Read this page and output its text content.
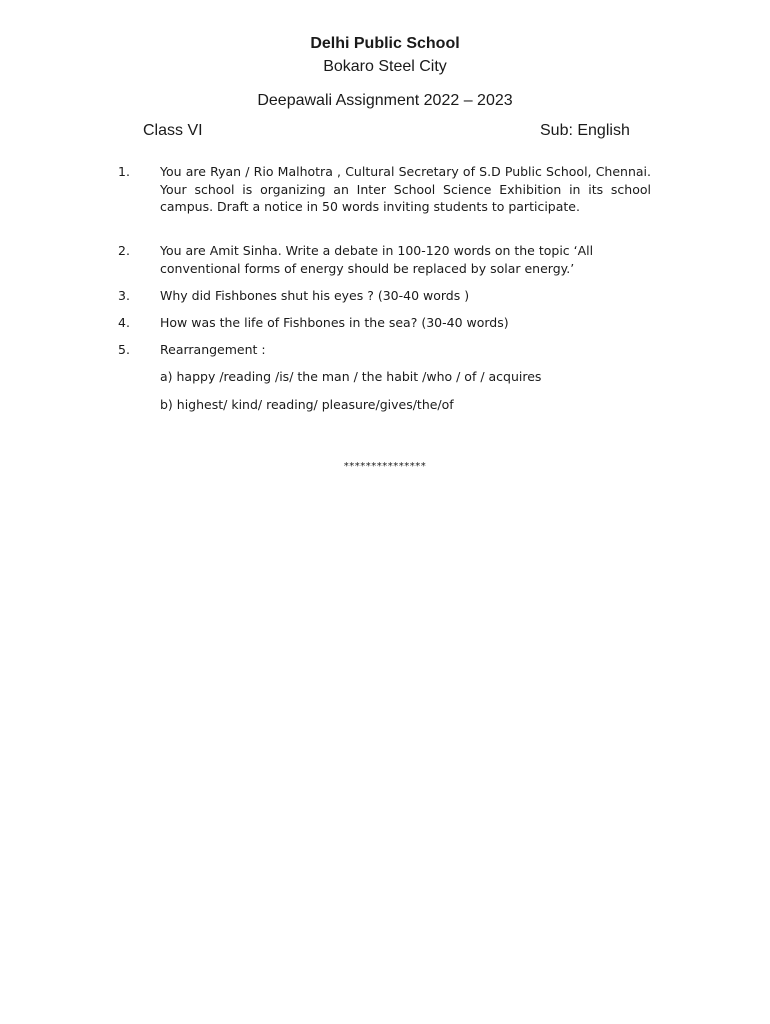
Delhi Public School
Bokaro Steel City
Deepawali Assignment 2022 – 2023
Class VI	Sub: English
1. You are Ryan / Rio Malhotra , Cultural Secretary of S.D Public School, Chennai. Your school is organizing an Inter School Science Exhibition in its school campus. Draft a notice in 50 words inviting students to participate.
2. You are Amit Sinha. Write a debate in 100-120 words on the topic ‘All
conventional forms of energy should be replaced by solar energy.’
3. Why did Fishbones shut his eyes ? (30-40 words )
4. How was the life of Fishbones in the sea? (30-40 words)
5. Rearrangement :
a) happy /reading /is/ the man / the habit /who / of / acquires
b) highest/ kind/ reading/ pleasure/gives/the/of
***************
